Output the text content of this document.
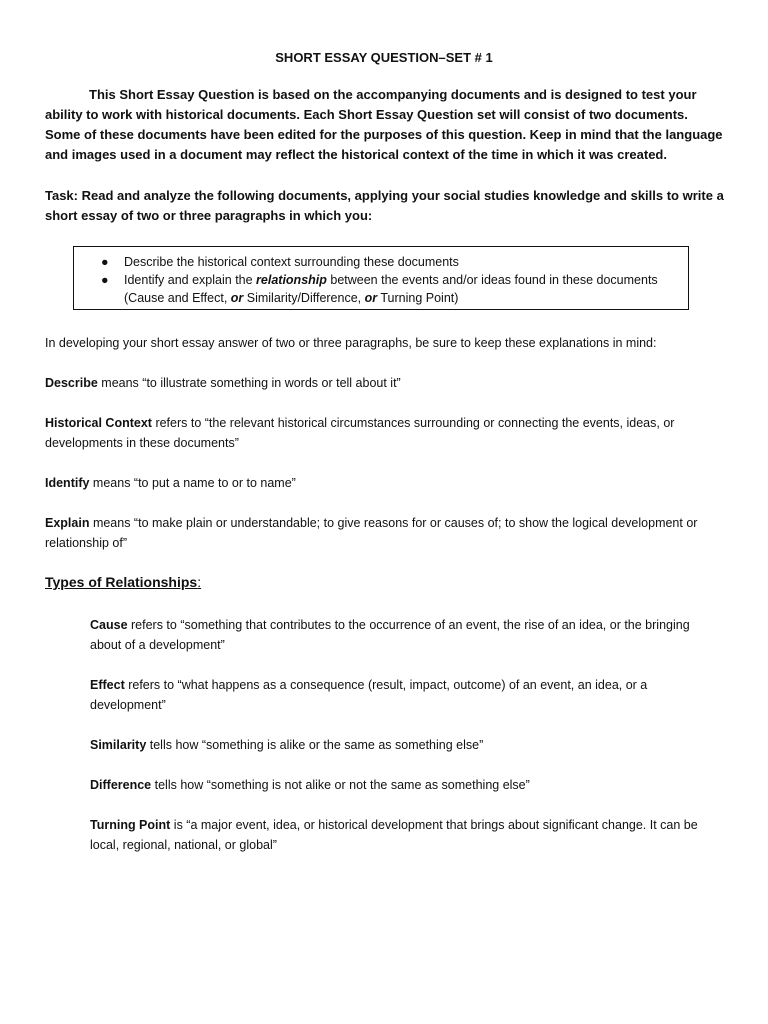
SHORT ESSAY QUESTION–SET # 1

This Short Essay Question is based on the accompanying documents and is designed to test your ability to work with historical documents. Each Short Essay Question set will consist of two documents. Some of these documents have been edited for the purposes of this question. Keep in mind that the language and images used in a document may reflect the historical context of the time in which it was created.

Task: Read and analyze the following documents, applying your social studies knowledge and skills to write a short essay of two or three paragraphs in which you:

● Describe the historical context surrounding these documents
● Identify and explain the relationship between the events and/or ideas found in these documents
(Cause and Effect, or Similarity/Difference, or Turning Point)

In developing your short essay answer of two or three paragraphs, be sure to keep these explanations in mind:

Describe means “to illustrate something in words or tell about it”

Historical Context refers to “the relevant historical circumstances surrounding or connecting the events, ideas, or developments in these documents”

Identify means “to put a name to or to name”

Explain means “to make plain or understandable; to give reasons for or causes of; to show the logical development or relationship of”

Types of Relationships:

Cause refers to “something that contributes to the occurrence of an event, the rise of an idea, or the bringing about of a development”

Effect refers to “what happens as a consequence (result, impact, outcome) of an event, an idea, or a development”

Similarity tells how “something is alike or the same as something else”

Difference tells how “something is not alike or not the same as something else”

Turning Point is “a major event, idea, or historical development that brings about significant change. It can be local, regional, national, or global”
